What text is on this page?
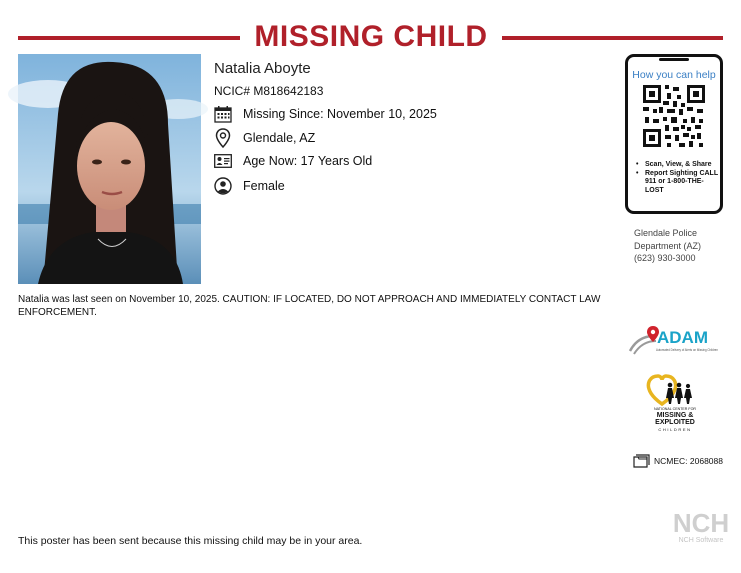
MISSING CHILD
Natalia Aboyte
NCIC# M818642183
Missing Since: November 10, 2025
Glendale, AZ
Age Now: 17 Years Old
Female
How you can help
• Scan, View, & Share
• Report Sighting CALL 911 or 1-800-THE-LOST
Glendale Police
Department (AZ)
(623) 930-3000
Natalia was last seen on November 10, 2025. CAUTION: IF LOCATED, DO NOT APPROACH AND IMMEDIATELY CONTACT LAW ENFORCEMENT.
ADAM
Automated Delivery of Alerts on Missing Children
NATIONAL CENTER FOR
MISSING &
EXPLOITED
CHILDREN
NCMEC: 2068088
NCH
NCH Software
This poster has been sent because this missing child may be in your area.
